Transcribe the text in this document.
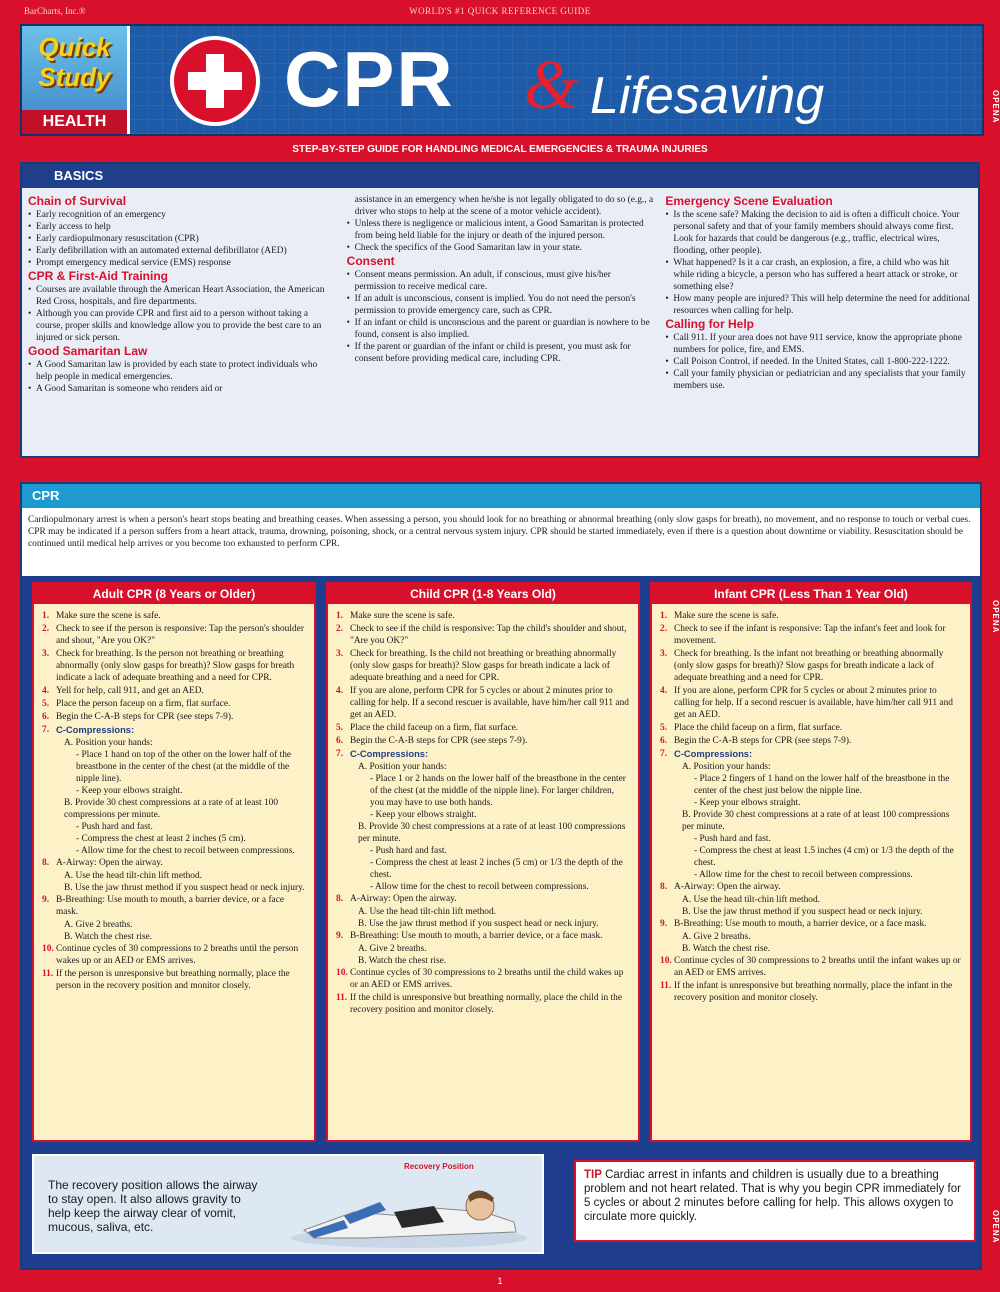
BarCharts, Inc.®	WORLD'S #1 QUICK REFERENCE GUIDE
Quick
Study
HEALTH CPR & Lifesaving
STEP-BY-STEP GUIDE FOR HANDLING MEDICAL EMERGENCIES & TRAUMA INJURIES
OPENA
OPENA
OPENA
BASICS
Chain of Survival
• Early recognition of an emergency
• Early access to help
• Early cardiopulmonary resuscitation (CPR)
• Early defibrillation with an automated external defibrillator (AED)
• Prompt emergency medical service (EMS) response
CPR & First-Aid Training
• Courses are available through the American Heart Association, the American Red Cross, hospitals, and fire departments.
• Although you can provide CPR and first aid to a person without taking a course, proper skills and knowledge allow you to provide the best care to an injured or sick person.
Good Samaritan Law
• A Good Samaritan law is provided by each state to protect individuals who help people in medical emergencies.
• A Good Samaritan is someone who renders aid or

assistance in an emergency when he/she is not legally obligated to do so (e.g., a driver who stops to help at the scene of a motor vehicle accident).

• Unless there is negligence or malicious intent, a Good Samaritan is protected from being held liable for the injury or death of the injured person.
• Check the specifics of the Good Samaritan law in your state.
Consent
• Consent means permission. An adult, if conscious, must give his/her permission to receive medical care.
• If an adult is unconscious, consent is implied. You do not need the person's permission to provide emergency care, such as CPR.
• If an infant or child is unconscious and the parent or guardian is nowhere to be found, consent is also implied.
• If the parent or guardian of the infant or child is present, you must ask for consent before providing medical care, including CPR.
Emergency Scene Evaluation
• Is the scene safe? Making the decision to aid is often a difficult choice. Your personal safety and that of your family members should always come first. Look for hazards that could be dangerous (e.g., traffic, electrical wires, flooding, other people).
• What happened? Is it a car crash, an explosion, a fire, a child who was hit while riding a bicycle, a person who has suffered a heart attack or stroke, or something else?
• How many people are injured? This will help determine the need for additional resources when calling for help.
Calling for Help
• Call 911. If your area does not have 911 service, know the appropriate phone numbers for police, fire, and EMS.
• Call Poison Control, if needed. In the United States, call 1-800-222-1222.
• Call your family physician or pediatrician and any specialists that your family members use.
CPR
Cardiopulmonary arrest is when a person's heart stops beating and breathing ceases. When assessing a person, you should look for no breathing or abnormal breathing (only slow gasps for breath), no movement, and no response to touch or verbal cues. CPR may be indicated if a person suffers from a heart attack, trauma, drowning, poisoning, shock, or a central nervous system injury. CPR should be started immediately, even if there is a question about downtime or viability. Resuscitation should be continued until medical help arrives or you become too exhausted to perform CPR.
Adult CPR (8 Years or Older)
1. Make sure the scene is safe.
2. Check to see if the person is responsive: Tap the person's shoulder and shout, "Are you OK?"
3. Check for breathing. Is the person not breathing or breathing abnormally (only slow gasps for breath)? Slow gasps for breath indicate a lack of adequate breathing and a need for CPR.
4. Yell for help, call 911, and get an AED.
5. Place the person faceup on a firm, flat surface.
6. Begin the C-A-B steps for CPR (see steps 7-9).
7. C-Compressions:
A. Position your hands:
- Place 1 hand on top of the other on the lower half of the breastbone in the center of the chest (at the middle of the nipple line).
- Keep your elbows straight.
B. Provide 30 chest compressions at a rate of at least 100 compressions per minute.
- Push hard and fast.
- Compress the chest at least 2 inches (5 cm).
- Allow time for the chest to recoil between compressions.
8. A-Airway: Open the airway.
A. Use the head tilt-chin lift method.
B. Use the jaw thrust method if you suspect head or neck injury.
9. B-Breathing: Use mouth to mouth, a barrier device, or a face mask.
A. Give 2 breaths.
B. Watch the chest rise.
10. Continue cycles of 30 compressions to 2 breaths until the person wakes up or an AED or EMS arrives.
11. If the person is unresponsive but breathing normally, place the person in the recovery position and monitor closely.
Child CPR (1-8 Years Old)
1. Make sure the scene is safe.
2. Check to see if the child is responsive: Tap the child's shoulder and shout, "Are you OK?"
3. Check for breathing. Is the child not breathing or breathing abnormally (only slow gasps for breath)? Slow gasps for breath indicate a lack of adequate breathing and a need for CPR.
4. If you are alone, perform CPR for 5 cycles or about 2 minutes prior to calling for help. If a second rescuer is available, have him/her call 911 and get an AED.
5. Place the child faceup on a firm, flat surface.
6. Begin the C-A-B steps for CPR (see steps 7-9).
7. C-Compressions:
A. Position your hands:
- Place 1 or 2 hands on the lower half of the breastbone in the center of the chest (at the middle of the nipple line). For larger children, you may have to use both hands.
- Keep your elbows straight.
B. Provide 30 chest compressions at a rate of at least 100 compressions per minute.
- Push hard and fast.
- Compress the chest at least 2 inches (5 cm) or 1/3 the depth of the chest.
- Allow time for the chest to recoil between compressions.
8. A-Airway: Open the airway.
A. Use the head tilt-chin lift method.
B. Use the jaw thrust method if you suspect head or neck injury.
9. B-Breathing: Use mouth to mouth, a barrier device, or a face mask.
A. Give 2 breaths.
B. Watch the chest rise.
10. Continue cycles of 30 compressions to 2 breaths until the child wakes up or an AED or EMS arrives.
11. If the child is unresponsive but breathing normally, place the child in the recovery position and monitor closely.
Infant CPR (Less Than 1 Year Old)
1. Make sure the scene is safe.
2. Check to see if the infant is responsive: Tap the infant's feet and look for movement.
3. Check for breathing. Is the infant not breathing or breathing abnormally (only slow gasps for breath)? Slow gasps for breath indicate a lack of adequate breathing and a need for CPR.
4. If you are alone, perform CPR for 5 cycles or about 2 minutes prior to calling for help. If a second rescuer is available, have him/her call 911 and get an AED.
5. Place the child faceup on a firm, flat surface.
6. Begin the C-A-B steps for CPR (see steps 7-9).
7. C-Compressions:
A. Position your hands:
- Place 2 fingers of 1 hand on the lower half of the breastbone in the center of the chest just below the nipple line.
- Keep your elbows straight.
B. Provide 30 chest compressions at a rate of at least 100 compressions per minute.
- Push hard and fast.
- Compress the chest at least 1.5 inches (4 cm) or 1/3 the depth of the chest.
- Allow time for the chest to recoil between compressions.
8. A-Airway: Open the airway.
A. Use the head tilt-chin lift method.
B. Use the jaw thrust method if you suspect head or neck injury.
9. B-Breathing: Use mouth to mouth, a barrier device, or a face mask.
A. Give 2 breaths.
B. Watch the chest rise.
10. Continue cycles of 30 compressions to 2 breaths until the infant wakes up or an AED or EMS arrives.
11. If the infant is unresponsive but breathing normally, place the infant in the recovery position and monitor closely.
The recovery position allows the airway to stay open. It also allows gravity to help keep the airway clear of vomit, mucous, saliva, etc.
Recovery Position
TIP Cardiac arrest in infants and children is usually due to a breathing problem and not heart related. That is why you begin CPR immediately for 5 cycles or about 2 minutes before calling for help. This allows oxygen to circulate more quickly.
1
